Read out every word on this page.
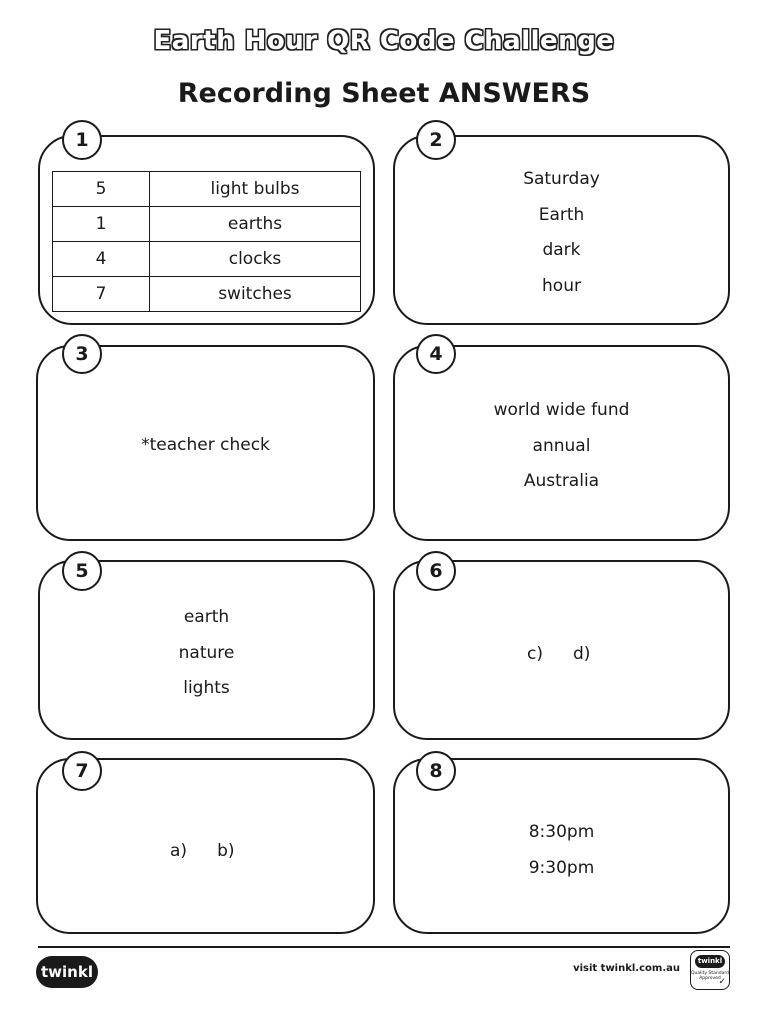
Earth Hour QR Code Challenge
Recording Sheet ANSWERS
5	light bulbs
1	earths
4	clocks
7	switches
1
Saturday
Earth
dark
hour
2
*teacher check
3
world wide fund
annual
Australia
4
earth
nature
lights
5
c) d)
6
a) b)
7
8:30pm
9:30pm
8
twinkl	visit twinkl.com.au
twinkl
Quality Standard Approved
✓
